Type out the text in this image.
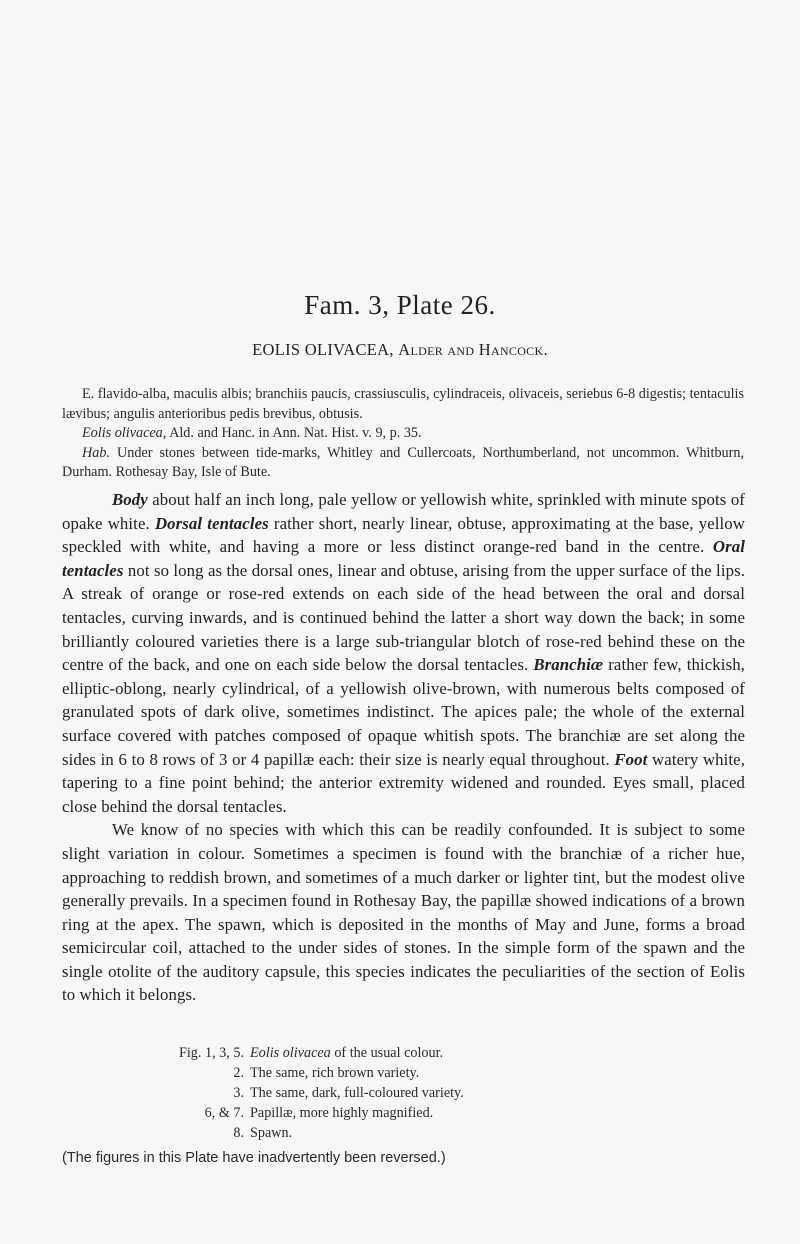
Fam. 3, Plate 26.
EOLIS OLIVACEA, Alder and Hancock.

E. flavido-alba, maculis albis; branchiis paucis, crassiusculis, cylindraceis, olivaceis, seriebus 6-8 digestis; tentaculis lævibus; angulis anterioribus pedis brevibus, obtusis.

Eolis olivacea, Ald. and Hanc. in Ann. Nat. Hist. v. 9, p. 35.

Hab. Under stones between tide-marks, Whitley and Cullercoats, Northumberland, not uncommon. Whitburn, Durham. Rothesay Bay, Isle of Bute.

Body about half an inch long, pale yellow or yellowish white, sprinkled with minute spots of opake white. Dorsal tentacles rather short, nearly linear, obtuse, approximating at the base, yellow speckled with white, and having a more or less distinct orange-red band in the centre. Oral tentacles not so long as the dorsal ones, linear and obtuse, arising from the upper surface of the lips. A streak of orange or rose-red extends on each side of the head between the oral and dorsal tentacles, curving inwards, and is continued behind the latter a short way down the back; in some brilliantly coloured varieties there is a large sub-triangular blotch of rose-red behind these on the centre of the back, and one on each side below the dorsal tentacles. Branchiæ rather few, thickish, elliptic-oblong, nearly cylindrical, of a yellowish olive-brown, with numerous belts composed of granulated spots of dark olive, sometimes indistinct. The apices pale; the whole of the external surface covered with patches composed of opaque whitish spots. The branchiæ are set along the sides in 6 to 8 rows of 3 or 4 papillæ each: their size is nearly equal throughout. Foot watery white, tapering to a fine point behind; the anterior extremity widened and rounded. Eyes small, placed close behind the dorsal tentacles.

We know of no species with which this can be readily confounded. It is subject to some slight variation in colour. Sometimes a specimen is found with the branchiæ of a richer hue, approaching to reddish brown, and sometimes of a much darker or lighter tint, but the modest olive generally prevails. In a specimen found in Rothesay Bay, the papillæ showed indications of a brown ring at the apex. The spawn, which is deposited in the months of May and June, forms a broad semicircular coil, attached to the under sides of stones. In the simple form of the spawn and the single otolite of the auditory capsule, this species indicates the peculiarities of the section of Eolis to which it belongs.

Fig. 1, 3, 5. Eolis olivacea of the usual colour.
2. The same, rich brown variety.
3. The same, dark, full-coloured variety.
6, & 7. Papillæ, more highly magnified.
8. Spawn.
(The figures in this Plate have inadvertently been reversed.)
